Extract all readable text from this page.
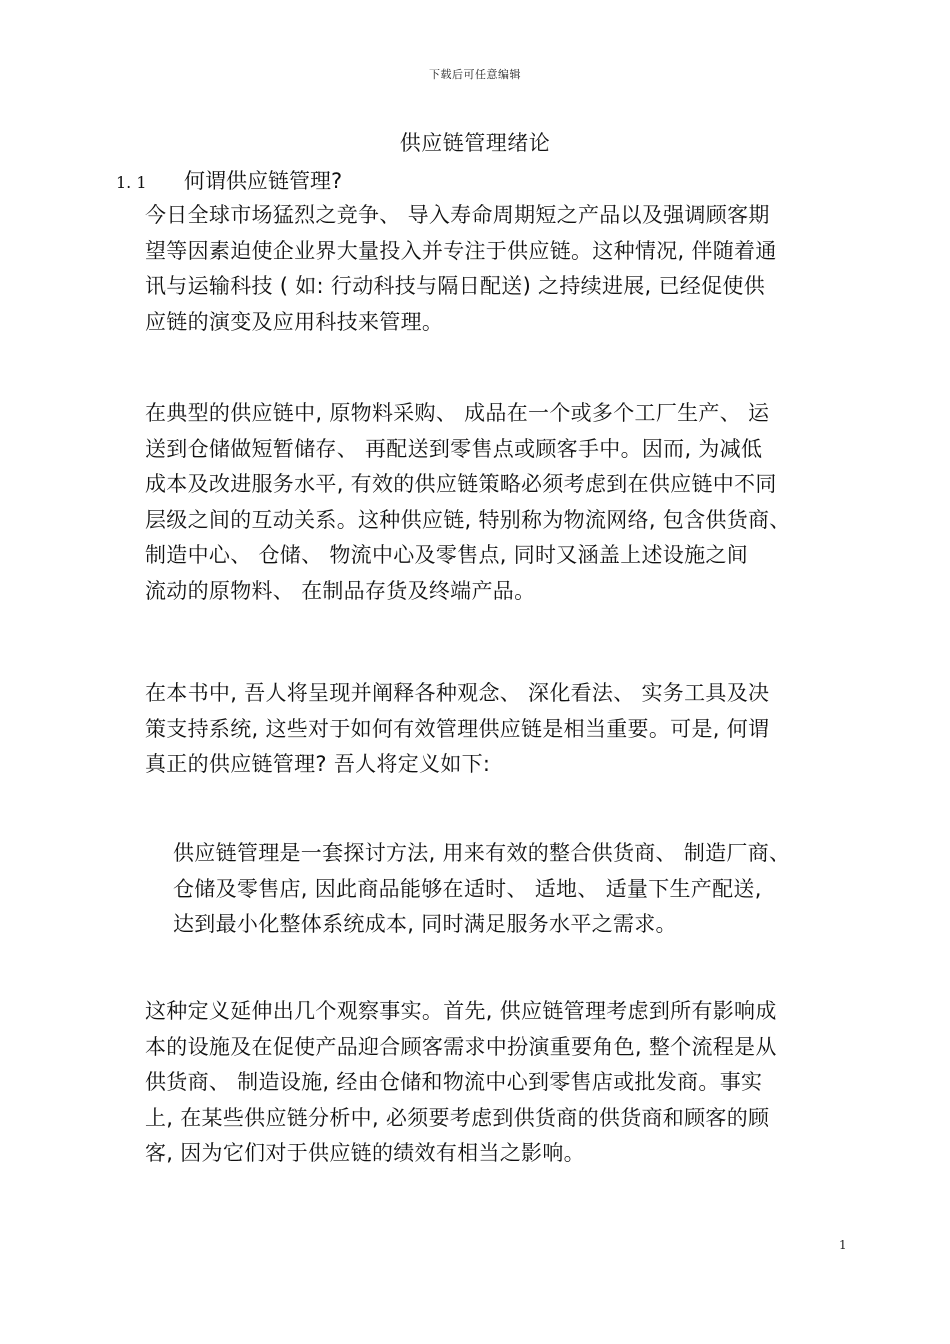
下载后可任意编辑
供应链管理绪论
1. 1 何谓供应链管理?

今日全球市场猛烈之竞争、 导入寿命周期短之产品以及强调顾客期
望等因素迫使企业界大量投入并专注于供应链。这种情况, 伴随着通
讯与运输科技 ( 如: 行动科技与隔日配送) 之持续进展, 已经促使供
应链的演变及应用科技来管理。

在典型的供应链中, 原物料采购、 成品在一个或多个工厂生产、 运
送到仓储做短暂储存、 再配送到零售点或顾客手中。因而, 为减低
成本及改进服务水平, 有效的供应链策略必须考虑到在供应链中不同
层级之间的互动关系。这种供应链, 特别称为物流网络, 包含供货商、
制造中心、 仓储、 物流中心及零售点, 同时又涵盖上述设施之间
流动的原物料、 在制品存货及终端产品。

在本书中, 吾人将呈现并阐释各种观念、 深化看法、 实务工具及决
策支持系统, 这些对于如何有效管理供应链是相当重要。可是, 何谓
真正的供应链管理? 吾人将定义如下:

供应链管理是一套探讨方法, 用来有效的整合供货商、 制造厂商、
仓储及零售店, 因此商品能够在适时、 适地、 适量下生产配送,
达到最小化整体系统成本, 同时满足服务水平之需求。

这种定义延伸出几个观察事实。首先, 供应链管理考虑到所有影响成
本的设施及在促使产品迎合顾客需求中扮演重要角色, 整个流程是从
供货商、 制造设施, 经由仓储和物流中心到零售店或批发商。事实
上, 在某些供应链分析中, 必须要考虑到供货商的供货商和顾客的顾
客, 因为它们对于供应链的绩效有相当之影响。

1
